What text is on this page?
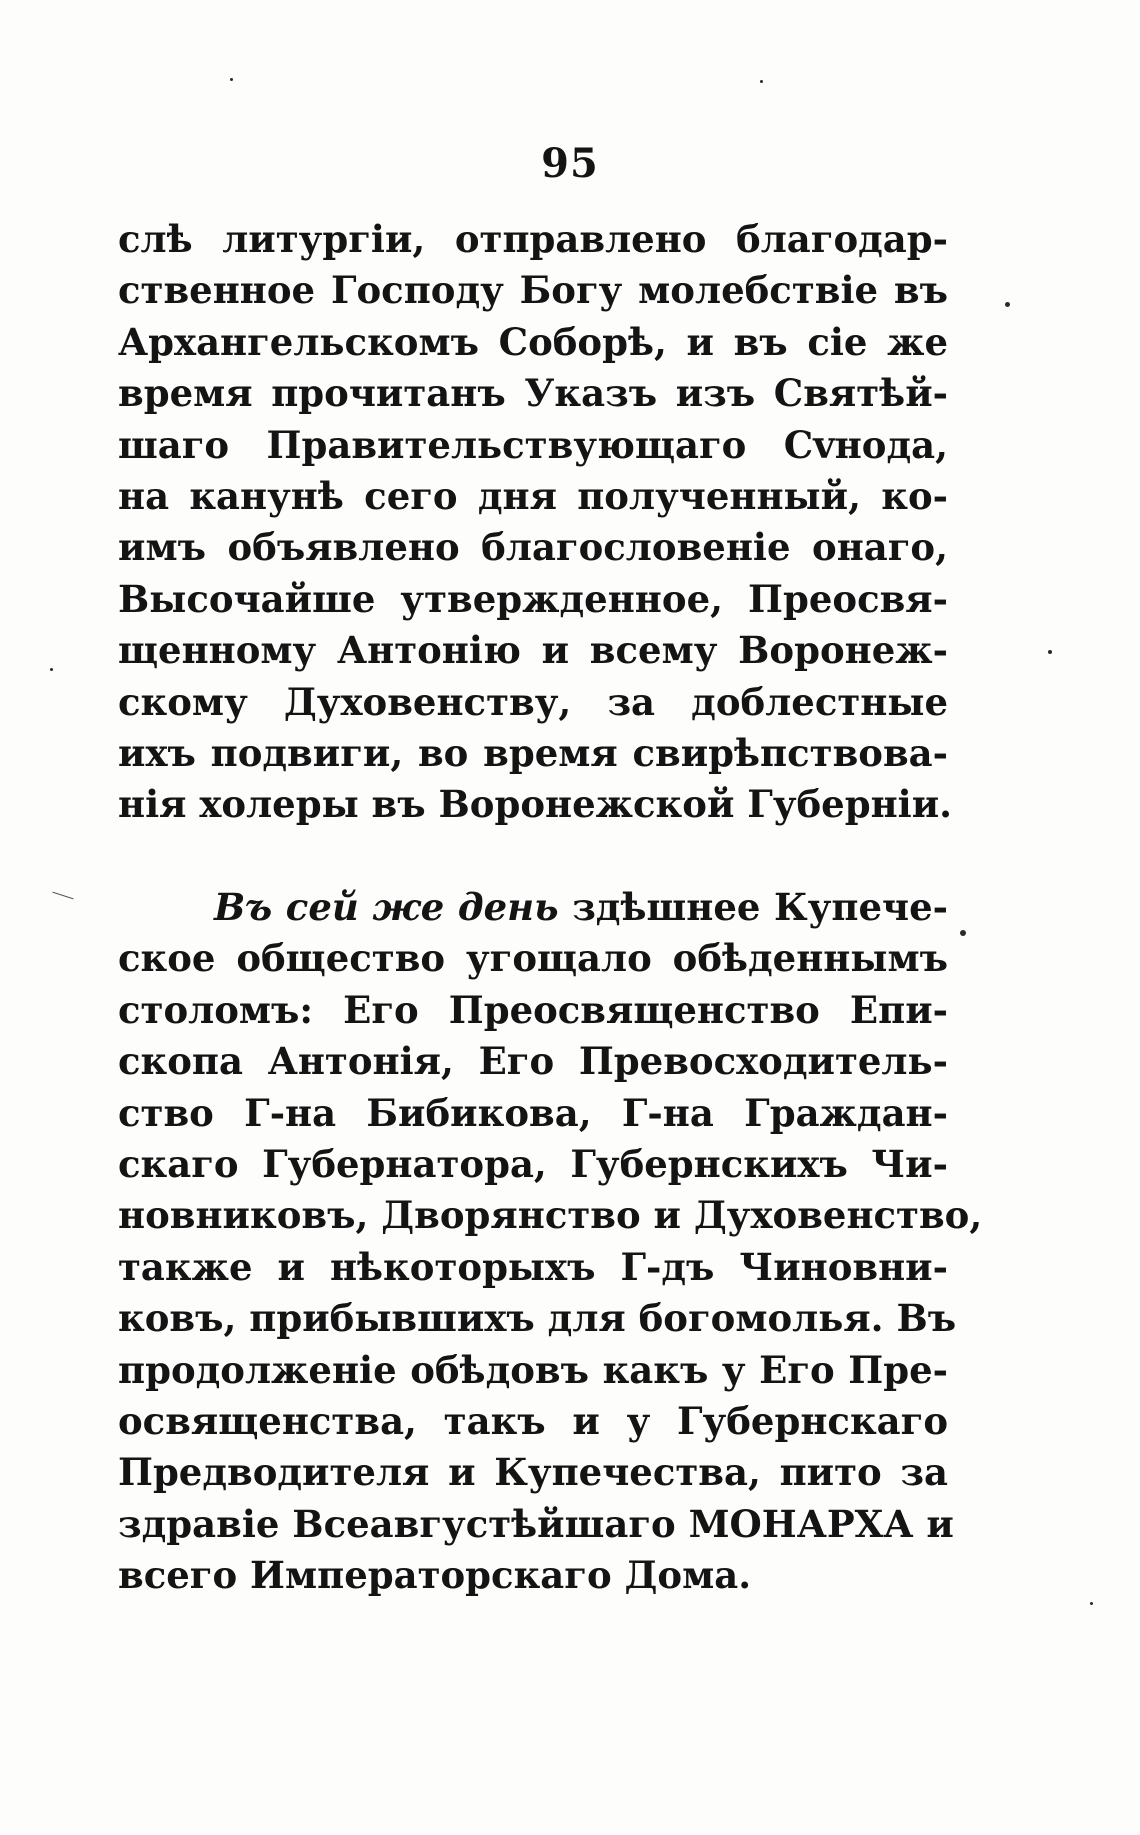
95
слѣ литургіи, отправлено благодар-
ственное Господу Богу молебствіе въ
Архангельскомъ Соборѣ, и въ сіе же
время прочитанъ Указъ изъ Святѣй-
шаго Правительствующаго Сvнода,
на канунѣ сего дня полученный, ко-
имъ объявлено благословеніе онаго,
Высочайше утвержденное, Преосвя-
щенному Антонію и всему Воронеж-
скому Духовенству, за доблестные
ихъ подвиги, во время свирѣпствова-
нія холеры въ Воронежской Губерніи.
Въ сей же день здѣшнее Купече-
ское общество угощало обѣденнымъ
столомъ: Его Преосвященство Епи-
скопа Антонія, Его Превосходитель-
ство Г-на Бибикова, Г-на Граждан-
скаго Губернатора, Губернскихъ Чи-
новниковъ, Дворянство и Духовенство,
также и нѣкоторыхъ Г-дъ Чиновни-
ковъ, прибывшихъ для богомолья. Въ
продолженіе обѣдовъ какъ у Его Пре-
освященства, такъ и у Губернскаго
Предводителя и Купечества, пито за
здравіе Всеавгустѣйшаго МОНАРХА и
всего Императорскаго Дома.
